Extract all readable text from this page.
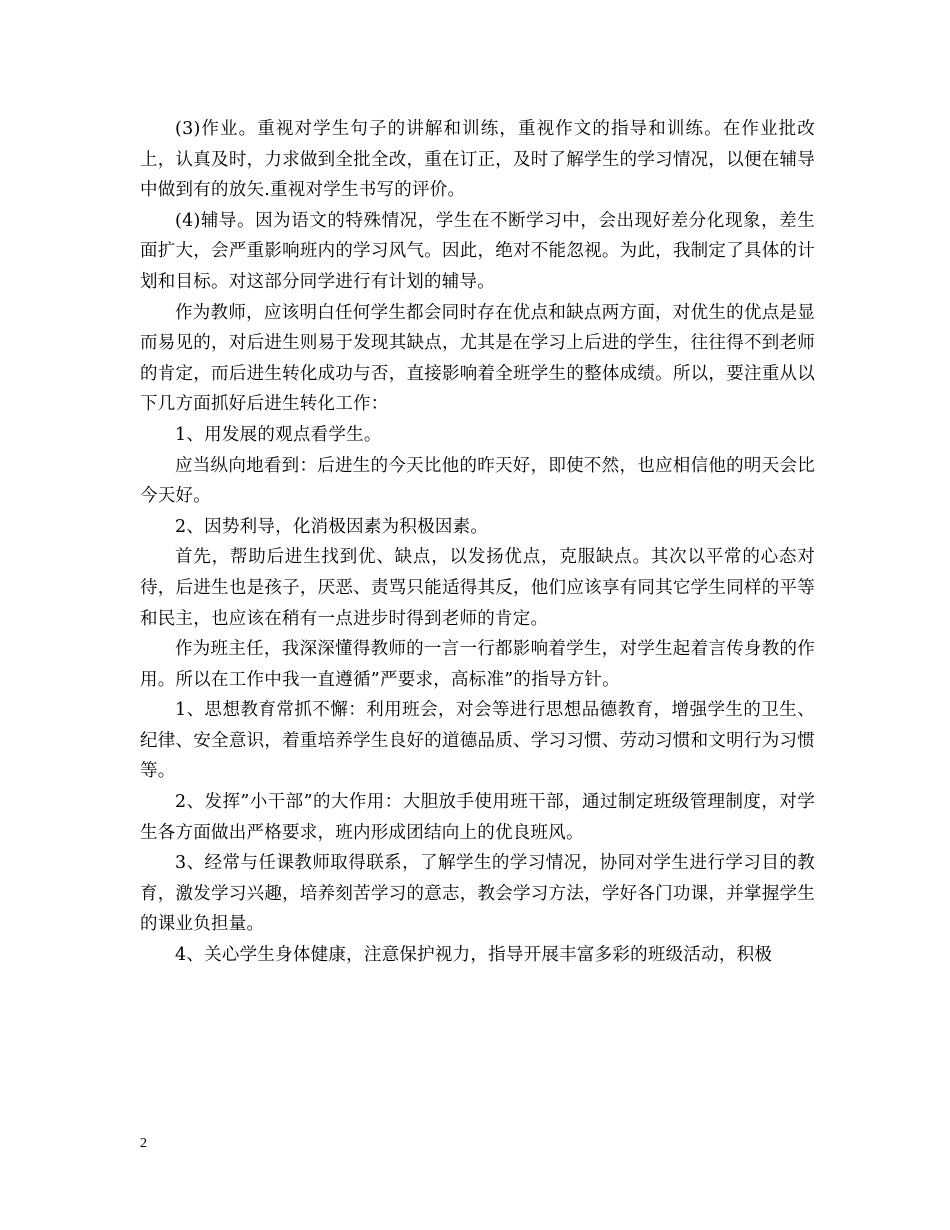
(3)作业。重视对学生句子的讲解和训练，重视作文的指导和训练。在作业批改上，认真及时，力求做到全批全改，重在订正，及时了解学生的学习情况，以便在辅导中做到有的放矢.重视对学生书写的评价。

(4)辅导。因为语文的特殊情况，学生在不断学习中，会出现好差分化现象，差生面扩大，会严重影响班内的学习风气。因此，绝对不能忽视。为此，我制定了具体的计划和目标。对这部分同学进行有计划的辅导。

作为教师，应该明白任何学生都会同时存在优点和缺点两方面，对优生的优点是显而易见的，对后进生则易于发现其缺点，尤其是在学习上后进的学生，往往得不到老师的肯定，而后进生转化成功与否，直接影响着全班学生的整体成绩。所以，要注重从以下几方面抓好后进生转化工作：

1、用发展的观点看学生。

应当纵向地看到：后进生的今天比他的昨天好，即使不然，也应相信他的明天会比今天好。

2、因势利导，化消极因素为积极因素。

首先，帮助后进生找到优、缺点，以发扬优点，克服缺点。其次以平常的心态对待，后进生也是孩子，厌恶、责骂只能适得其反，他们应该享有同其它学生同样的平等和民主，也应该在稍有一点进步时得到老师的肯定。

作为班主任，我深深懂得教师的一言一行都影响着学生，对学生起着言传身教的作用。所以在工作中我一直遵循”严要求，高标准”的指导方针。

1、思想教育常抓不懈：利用班会，对会等进行思想品德教育，增强学生的卫生、纪律、安全意识，着重培养学生良好的道德品质、学习习惯、劳动习惯和文明行为习惯等。

2、发挥”小干部”的大作用：大胆放手使用班干部，通过制定班级管理制度，对学生各方面做出严格要求，班内形成团结向上的优良班风。

3、经常与任课教师取得联系，了解学生的学习情况，协同对学生进行学习目的教育，激发学习兴趣，培养刻苦学习的意志，教会学习方法，学好各门功课，并掌握学生的课业负担量。

4、关心学生身体健康，注意保护视力，指导开展丰富多彩的班级活动，积极

2
